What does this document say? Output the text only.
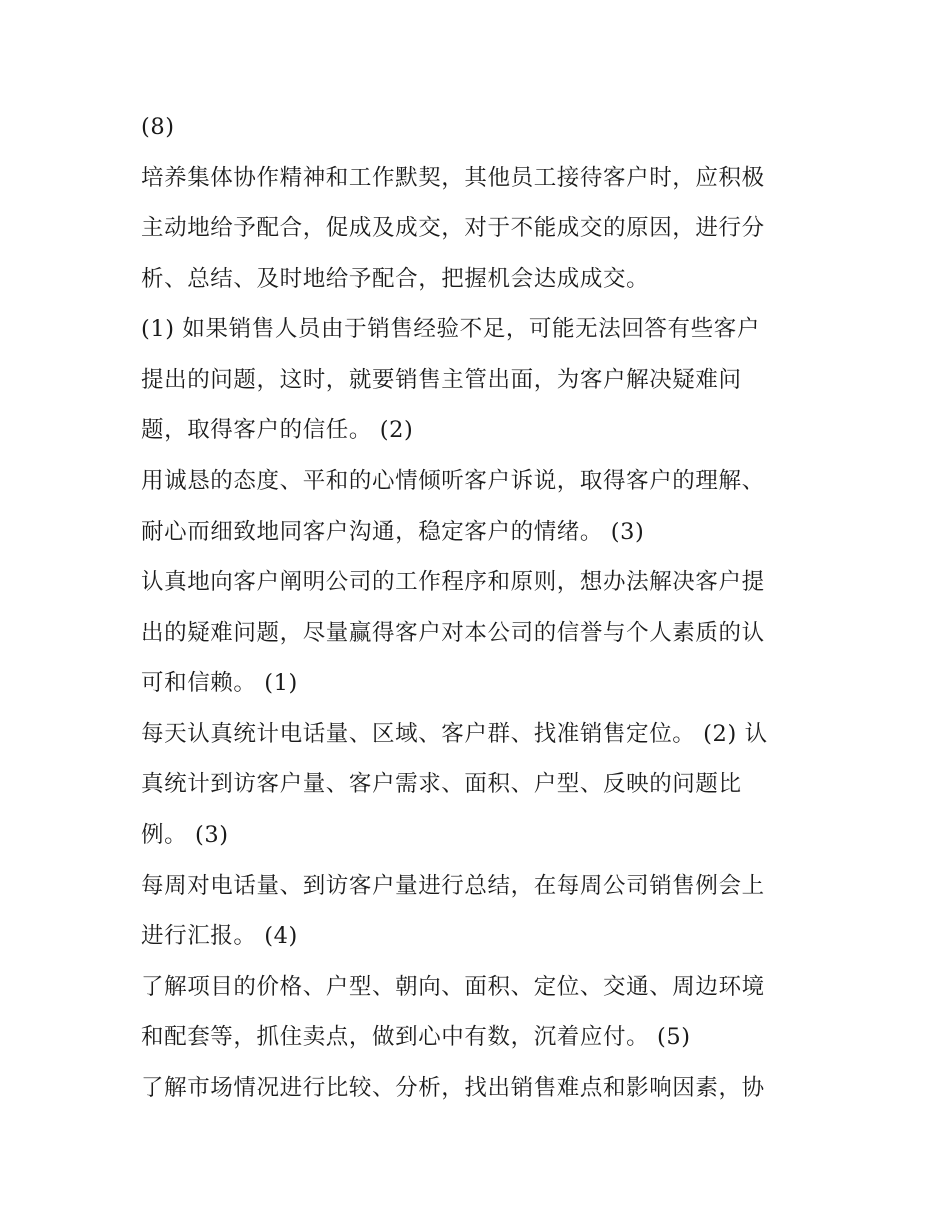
(8)
培养集体协作精神和工作默契，其他员工接待客户时，应积极
主动地给予配合，促成及成交，对于不能成交的原因，进行分
析、总结、及时地给予配合，把握机会达成成交。
(1) 如果销售人员由于销售经验不足，可能无法回答有些客户
提出的问题，这时，就要销售主管出面，为客户解决疑难问
题，取得客户的信任。 (2)
用诚恳的态度、平和的心情倾听客户诉说，取得客户的理解、
耐心而细致地同客户沟通，稳定客户的情绪。 (3)
认真地向客户阐明公司的工作程序和原则，想办法解决客户提
出的疑难问题，尽量赢得客户对本公司的信誉与个人素质的认
可和信赖。 (1)
每天认真统计电话量、区域、客户群、找准销售定位。 (2) 认
真统计到访客户量、客户需求、面积、户型、反映的问题比
例。 (3)
每周对电话量、到访客户量进行总结，在每周公司销售例会上
进行汇报。 (4)
了解项目的价格、户型、朝向、面积、定位、交通、周边环境
和配套等，抓住卖点，做到心中有数，沉着应付。 (5)
了解市场情况进行比较、分析，找出销售难点和影响因素，协
